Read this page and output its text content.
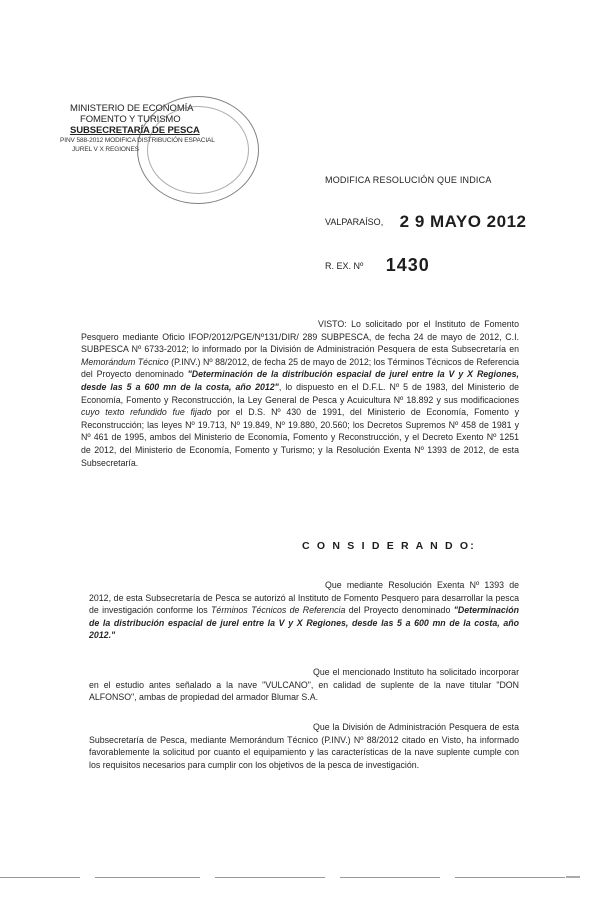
MINISTERIO DE ECONOMÍA
FOMENTO Y TURISMO
SUBSECRETARÍA DE PESCA
PINV 588-2012 MODIFICA DISTRIBUCIÓN ESPACIAL
JUREL V X REGIONES
MODIFICA RESOLUCIÓN QUE INDICA
VALPARAÍSO, 2 9 MAYO 2012
R. EX. Nº 1430
VISTO: Lo solicitado por el Instituto de Fomento Pesquero mediante Oficio IFOP/2012/PGE/Nº131/DIR/ 289 SUBPESCA, de fecha 24 de mayo de 2012, C.I. SUBPESCA Nº 6733-2012; lo informado por la División de Administración Pesquera de esta Subsecretaría en Memorándum Técnico (P.INV.) Nº 88/2012, de fecha 25 de mayo de 2012; los Términos Técnicos de Referencia del Proyecto denominado "Determinación de la distribución espacial de jurel entre la V y X Regiones, desde las 5 a 600 mn de la costa, año 2012", lo dispuesto en el D.F.L. Nº 5 de 1983, del Ministerio de Economía, Fomento y Reconstrucción, la Ley General de Pesca y Acuicultura Nº 18.892 y sus modificaciones cuyo texto refundido fue fijado por el D.S. Nº 430 de 1991, del Ministerio de Economía, Fomento y Reconstrucción; las leyes Nº 19.713, Nº 19.849, Nº 19.880, 20.560; los Decretos Supremos Nº 458 de 1981 y Nº 461 de 1995, ambos del Ministerio de Economía, Fomento y Reconstrucción, y el Decreto Exento Nº 1251 de 2012, del Ministerio de Economía, Fomento y Turismo; y la Resolución Exenta Nº 1393 de 2012, de esta Subsecretaría.
C O N S I D E R A N D O:
Que mediante Resolución Exenta Nº 1393 de 2012, de esta Subsecretaría de Pesca se autorizó al Instituto de Fomento Pesquero para desarrollar la pesca de investigación conforme los Términos Técnicos de Referencia del Proyecto denominado "Determinación de la distribución espacial de jurel entre la V y X Regiones, desde las 5 a 600 mn de la costa, año 2012."
Que el mencionado Instituto ha solicitado incorporar en el estudio antes señalado a la nave "VULCANO", en calidad de suplente de la nave titular "DON ALFONSO", ambas de propiedad del armador Blumar S.A.
Que la División de Administración Pesquera de esta Subsecretaría de Pesca, mediante Memorándum Técnico (P.INV.) Nº 88/2012 citado en Visto, ha informado favorablemente la solicitud por cuanto el equipamiento y las características de la nave suplente cumple con los requisitos necesarios para cumplir con los objetivos de la pesca de investigación.
